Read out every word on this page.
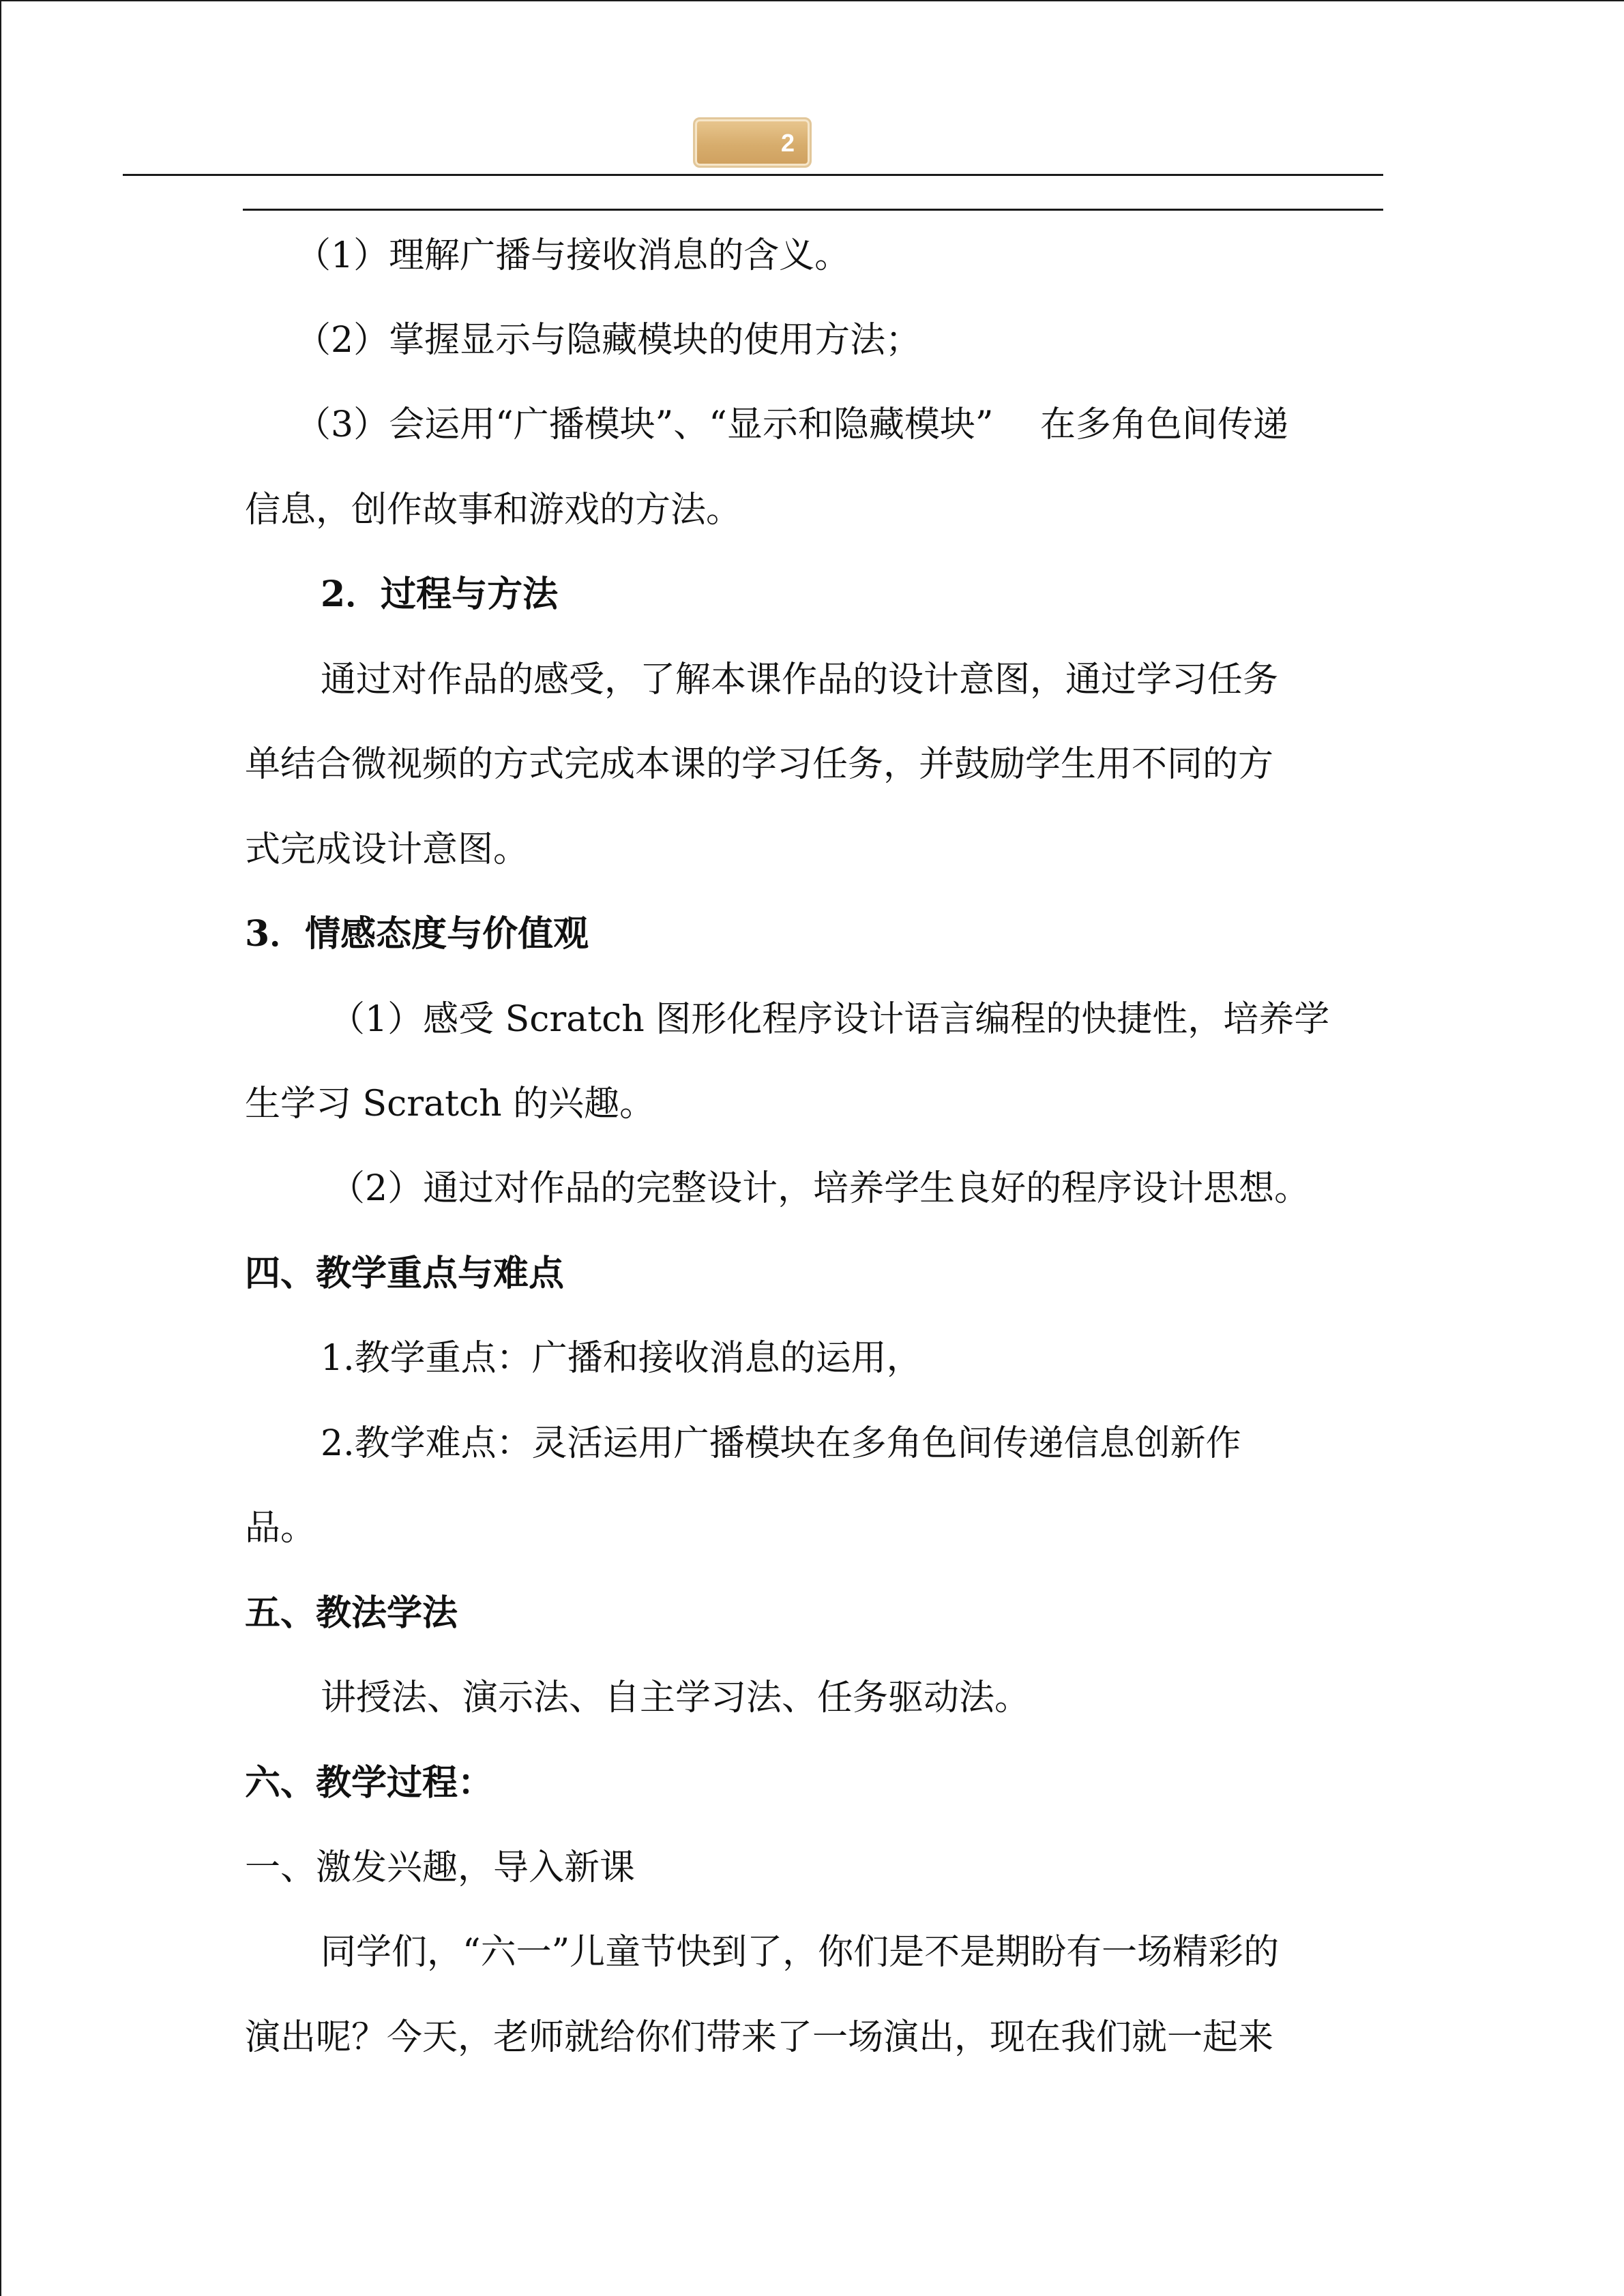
2
（1）理解广播与接收消息的含义。
（2）掌握显示与隐藏模块的使用方法；
（3）会运用“广播模块”、“显示和隐藏模块”　 在多角色间传递
信息，创作故事和游戏的方法。
2．过程与方法
通过对作品的感受，了解本课作品的设计意图，通过学习任务
单结合微视频的方式完成本课的学习任务，并鼓励学生用不同的方
式完成设计意图。
3．情感态度与价值观
（1）感受 Scratch 图形化程序设计语言编程的快捷性，培养学
生学习 Scratch 的兴趣。
（2）通过对作品的完整设计，培养学生良好的程序设计思想。
四、教学重点与难点
1.教学重点：广播和接收消息的运用，
2.教学难点：灵活运用广播模块在多角色间传递信息创新作
品。
五、教法学法
讲授法、演示法、自主学习法、任务驱动法。
六、教学过程：
一、激发兴趣，导入新课
同学们，“六一”儿童节快到了，你们是不是期盼有一场精彩的
演出呢？今天，老师就给你们带来了一场演出，现在我们就一起来
